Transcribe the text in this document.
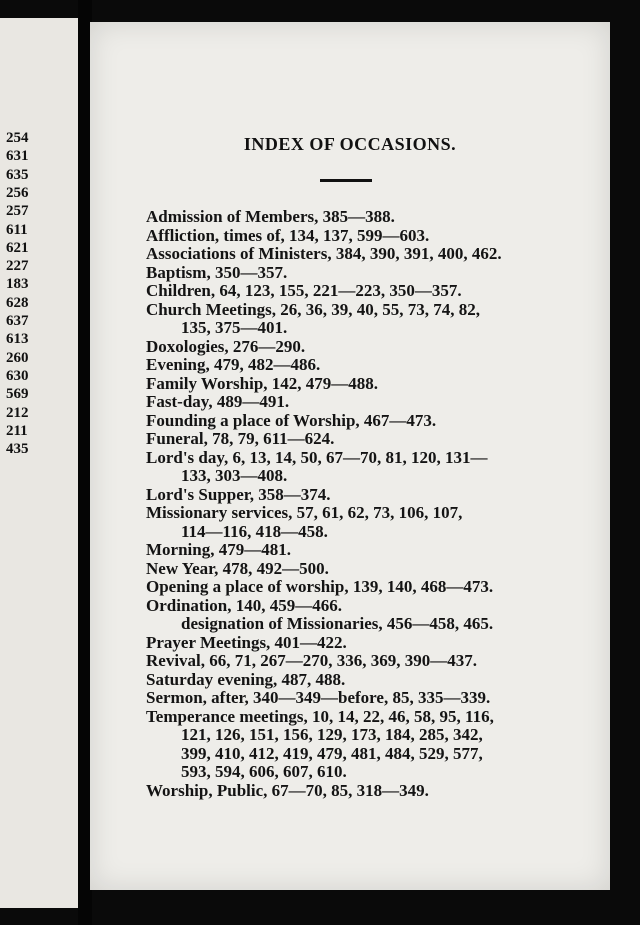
254
631
635
256
257
611
621
227
183
628
637
613
260
630
569
212
211
435
INDEX OF OCCASIONS.
Admission of Members, 385—388.
Affliction, times of, 134, 137, 599—603.
Associations of Ministers, 384, 390, 391, 400, 462.
Baptism, 350—357.
Children, 64, 123, 155, 221—223, 350—357.
Church Meetings, 26, 36, 39, 40, 55, 73, 74, 82,
135, 375—401.
Doxologies, 276—290.
Evening, 479, 482—486.
Family Worship, 142, 479—488.
Fast-day, 489—491.
Founding a place of Worship, 467—473.
Funeral, 78, 79, 611—624.
Lord's day, 6, 13, 14, 50, 67—70, 81, 120, 131—
133, 303—408.
Lord's Supper, 358—374.
Missionary services, 57, 61, 62, 73, 106, 107,
114—116, 418—458.
Morning, 479—481.
New Year, 478, 492—500.
Opening a place of worship, 139, 140, 468—473.
Ordination, 140, 459—466.
designation of Missionaries, 456—458, 465.
Prayer Meetings, 401—422.
Revival, 66, 71, 267—270, 336, 369, 390—437.
Saturday evening, 487, 488.
Sermon, after, 340—349—before, 85, 335—339.
Temperance meetings, 10, 14, 22, 46, 58, 95, 116,
121, 126, 151, 156, 129, 173, 184, 285, 342,
399, 410, 412, 419, 479, 481, 484, 529, 577,
593, 594, 606, 607, 610.
Worship, Public, 67—70, 85, 318—349.
